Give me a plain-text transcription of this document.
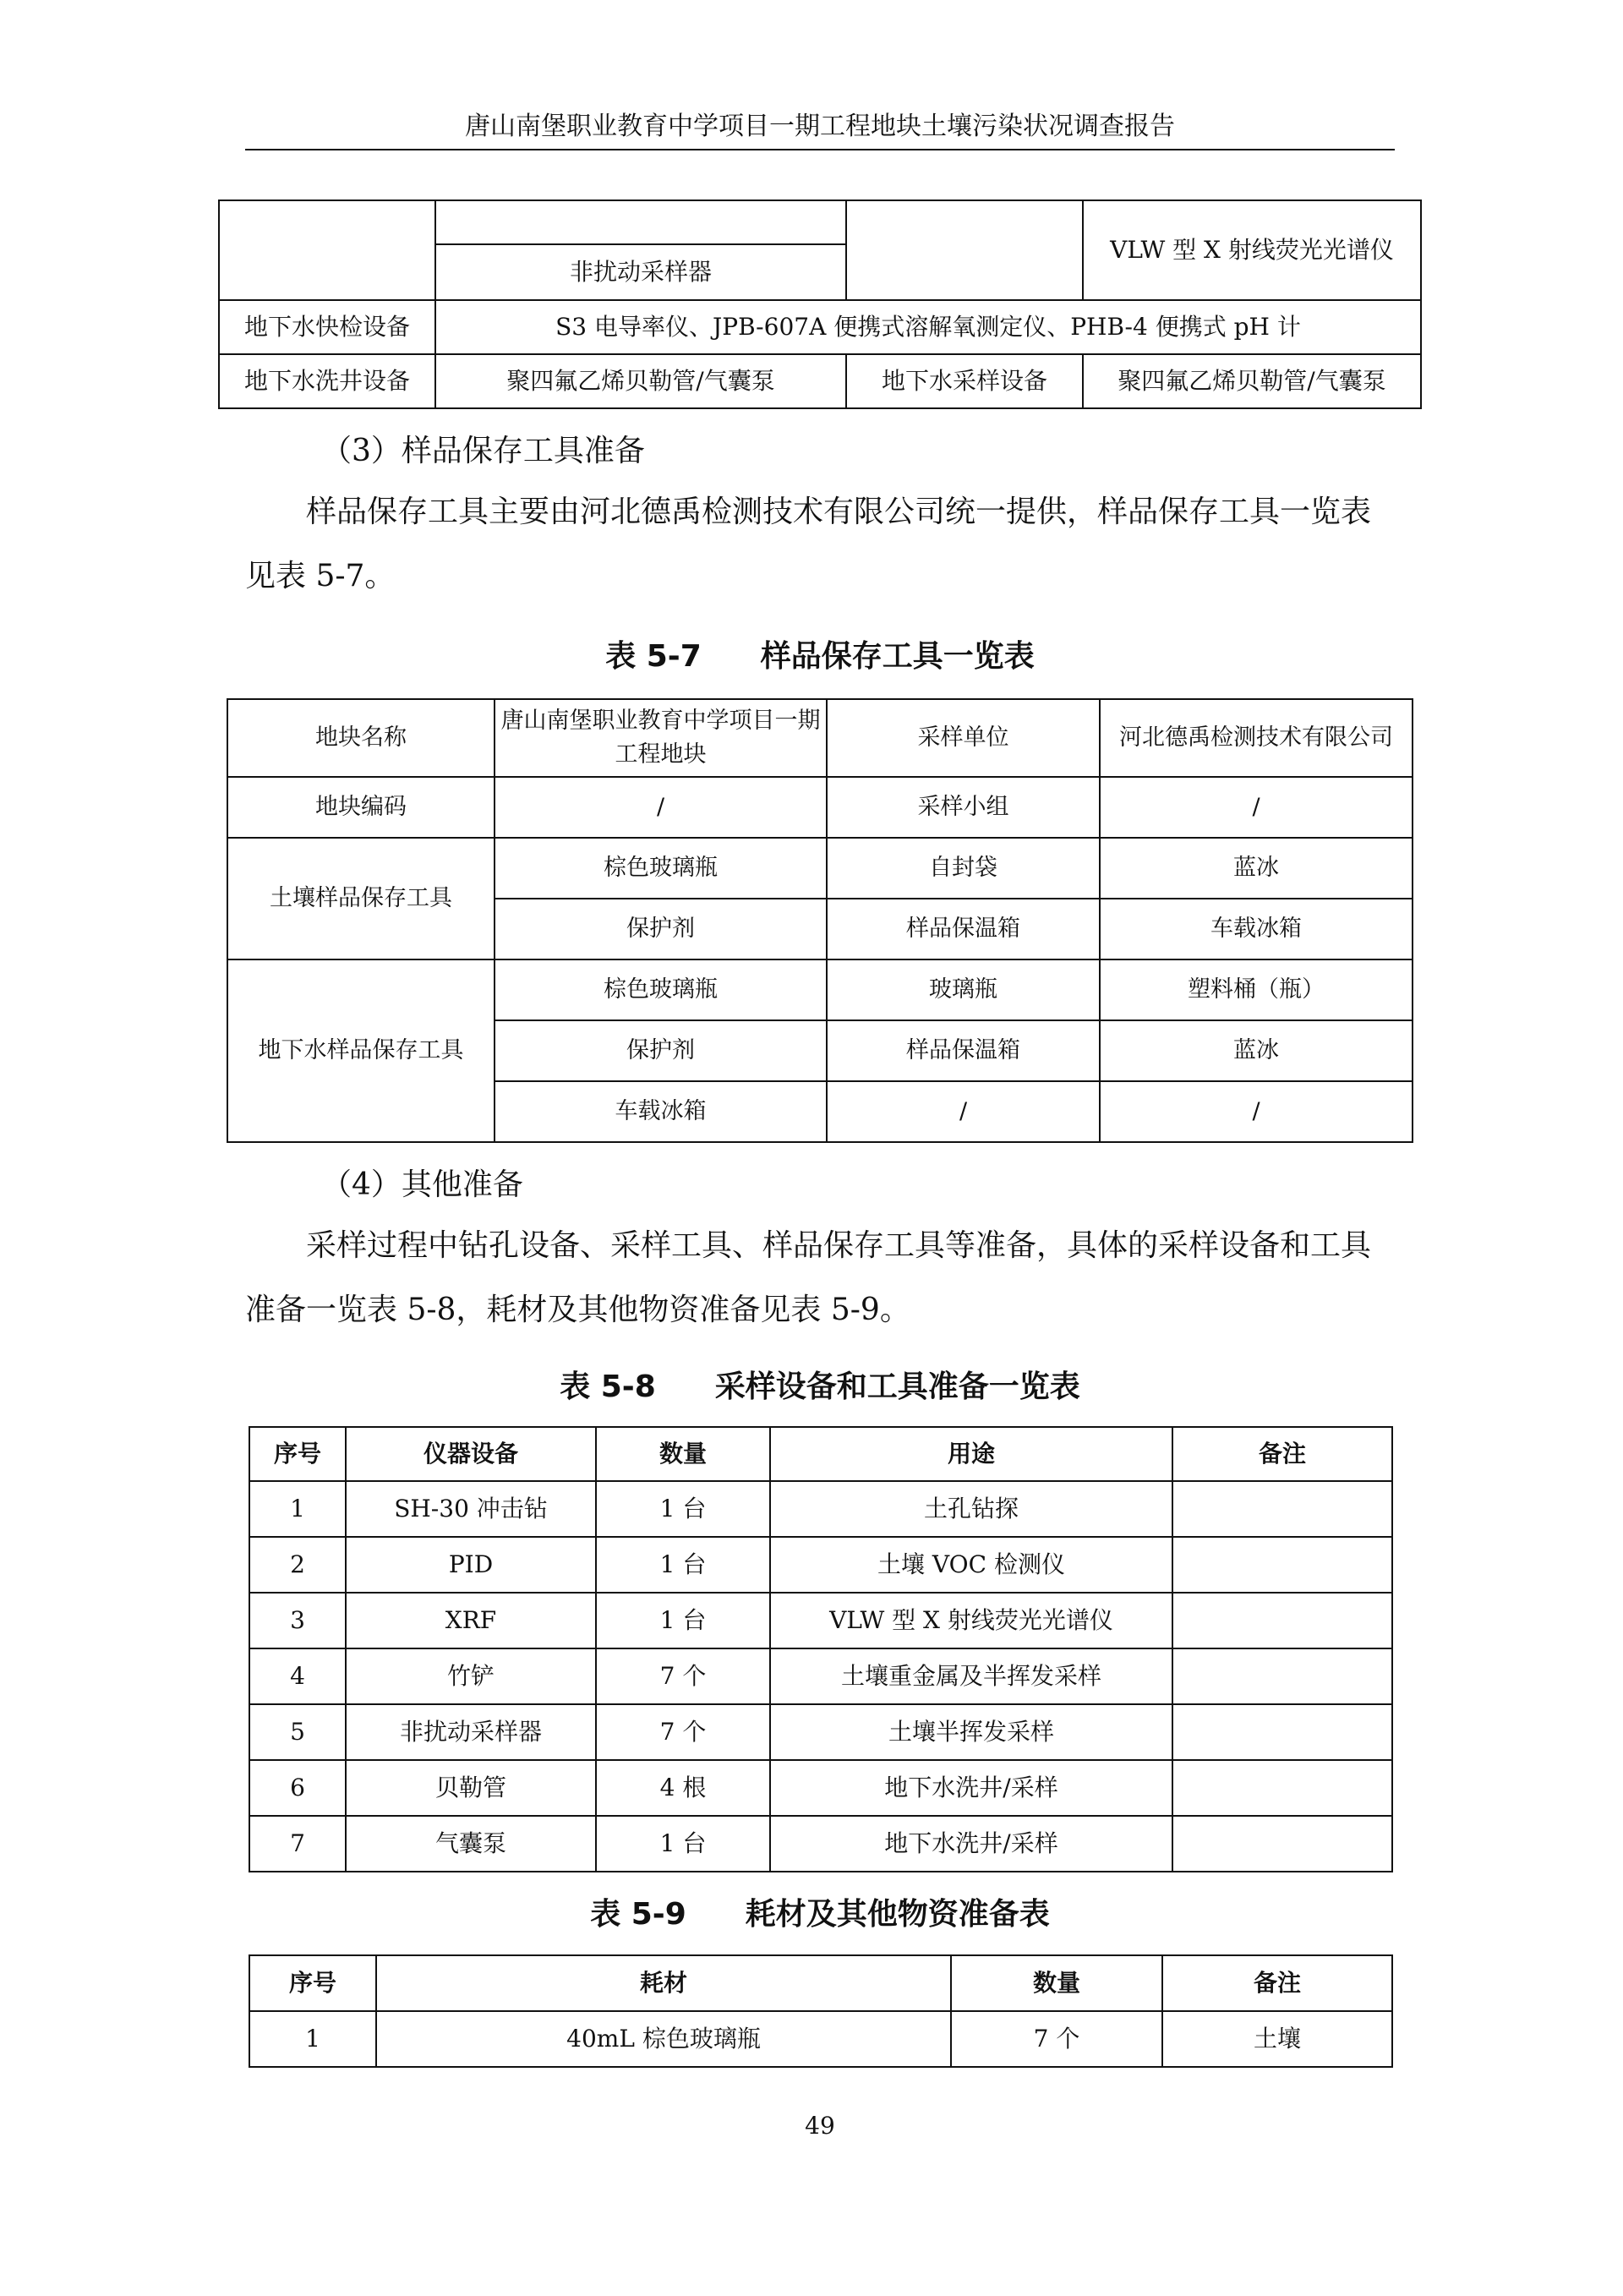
唐山南堡职业教育中学项目一期工程地块土壤污染状况调查报告
			VLW 型 X 射线荧光光谱仪
	非扰动采样器		
地下水快检设备	S3 电导率仪、JPB-607A 便携式溶解氧测定仪、PHB-4 便携式 pH 计		
地下水洗井设备	聚四氟乙烯贝勒管/气囊泵	地下水采样设备	聚四氟乙烯贝勒管/气囊泵
（3）样品保存工具准备
样品保存工具主要由河北德禹检测技术有限公司统一提供，样品保存工具一览表见表 5-7。
表 5-7 样品保存工具一览表
地块名称	唐山南堡职业教育中学项目一期工程地块	采样单位	河北德禹检测技术有限公司
地块编码	/	采样小组	/
土壤样品保存工具	棕色玻璃瓶	自封袋	蓝冰
	保护剂	样品保温箱	车载冰箱
地下水样品保存工具	棕色玻璃瓶	玻璃瓶	塑料桶（瓶）
	保护剂	样品保温箱	蓝冰
	车载冰箱	/	/
（4）其他准备
采样过程中钻孔设备、采样工具、样品保存工具等准备，具体的采样设备和工具准备一览表 5-8，耗材及其他物资准备见表 5-9。
表 5-8 采样设备和工具准备一览表
序号	仪器设备	数量	用途	备注
1	SH-30 冲击钻	1 台	土孔钻探	
2	PID	1 台	土壤 VOC 检测仪	
3	XRF	1 台	VLW 型 X 射线荧光光谱仪	
4	竹铲	7 个	土壤重金属及半挥发采样	
5	非扰动采样器	7 个	土壤半挥发采样	
6	贝勒管	4 根	地下水洗井/采样	
7	气囊泵	1 台	地下水洗井/采样	
表 5-9 耗材及其他物资准备表
序号	耗材	数量	备注
1	40mL 棕色玻璃瓶	7 个	土壤
49
